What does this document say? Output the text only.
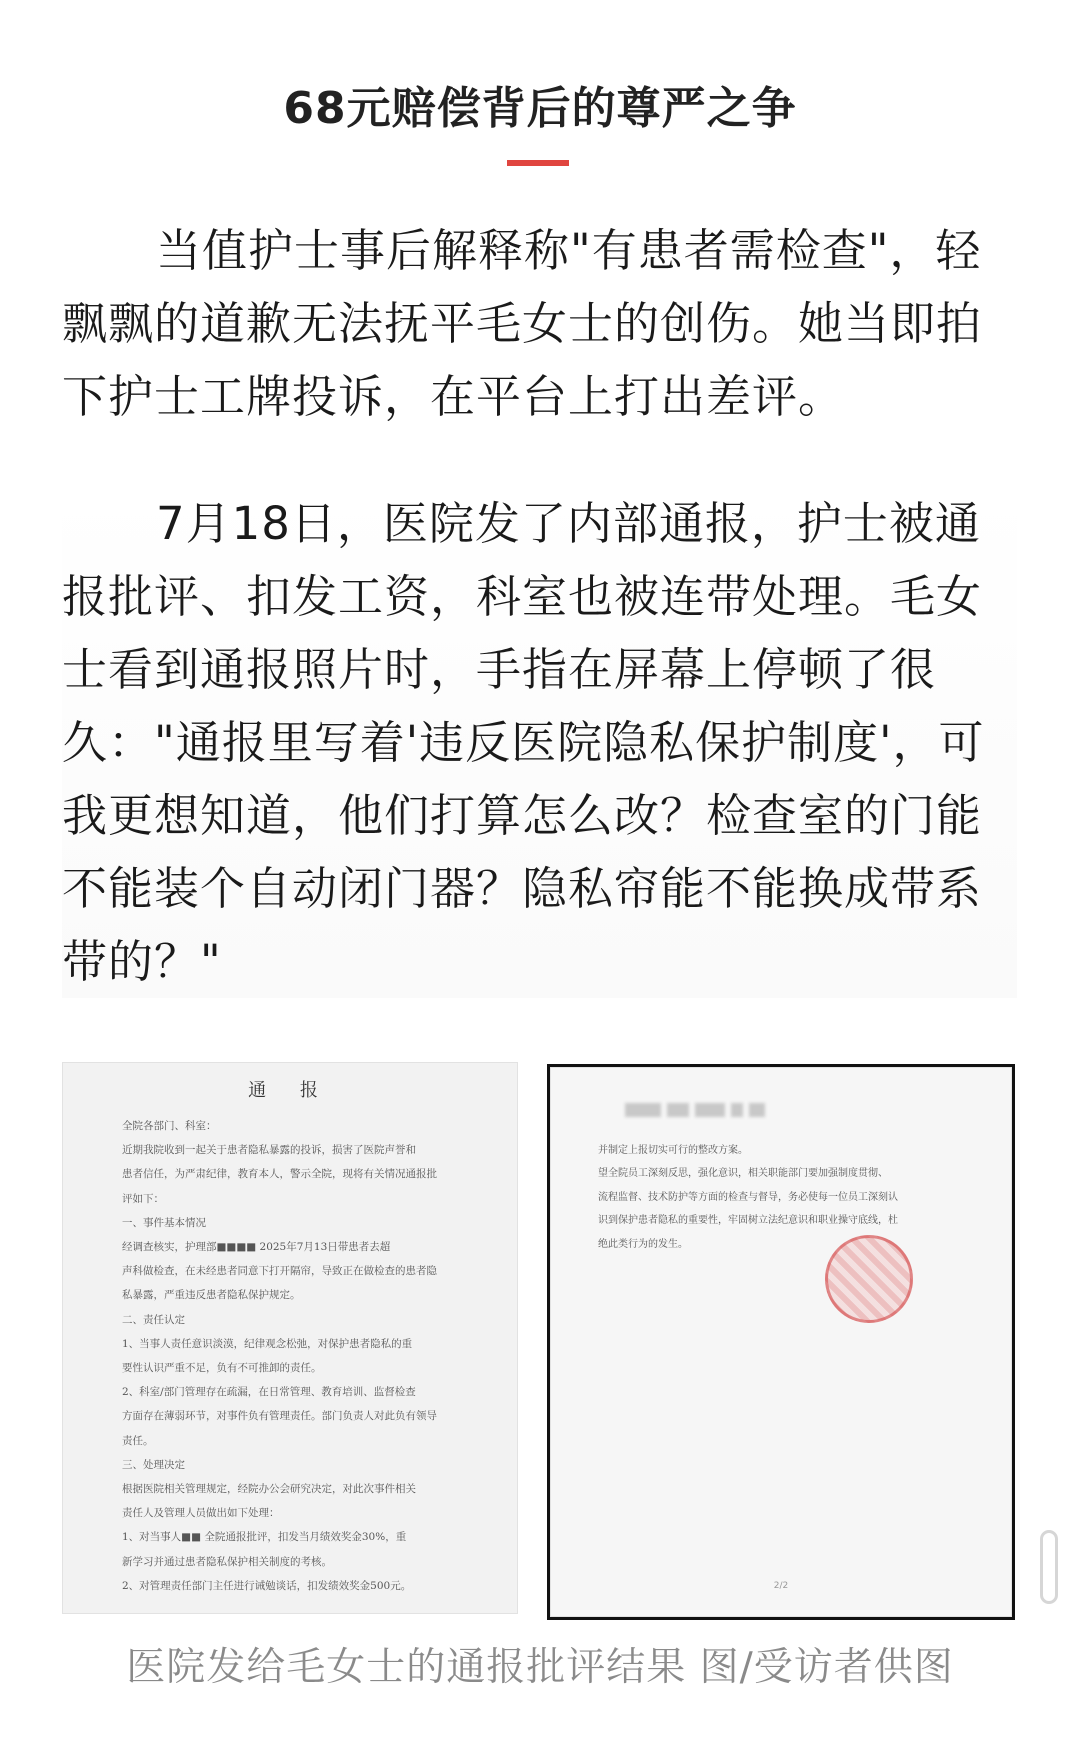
68元赔偿背后的尊严之争
当值护士事后解释称"有患者需检查"，轻飘飘的道歉无法抚平毛女士的创伤。她当即拍下护士工牌投诉，在平台上打出差评。
7月18日，医院发了内部通报，护士被通报批评、扣发工资，科室也被连带处理。毛女士看到通报照片时，手指在屏幕上停顿了很久："通报里写着'违反医院隐私保护制度'，可我更想知道，他们打算怎么改？检查室的门能不能装个自动闭门器？隐私帘能不能换成带系带的？"
通 报
全院各部门、科室：
近期我院收到一起关于患者隐私暴露的投诉，损害了医院声誉和
患者信任，为严肃纪律，教育本人，警示全院，现将有关情况通报批
评如下：
一、事件基本情况
经调查核实，护理部■■■■ 2025年7月13日带患者去超
声科做检查，在未经患者同意下打开隔帘，导致正在做检查的患者隐
私暴露，严重违反患者隐私保护规定。
二、责任认定
1、当事人责任意识淡漠，纪律观念松弛，对保护患者隐私的重
要性认识严重不足，负有不可推卸的责任。
2、科室/部门管理存在疏漏，在日常管理、教育培训、监督检查
方面存在薄弱环节，对事件负有管理责任。部门负责人对此负有领导
责任。
三、处理决定
根据医院相关管理规定，经院办公会研究决定，对此次事件相关
责任人及管理人员做出如下处理：
1、对当事人■■ 全院通报批评，扣发当月绩效奖金30%，重
新学习并通过患者隐私保护相关制度的考核。
2、对管理责任部门主任进行诫勉谈话，扣发绩效奖金500元。
并制定上报切实可行的整改方案。
望全院员工深刻反思，强化意识，相关职能部门要加强制度贯彻、
流程监督、技术防护等方面的检查与督导，务必使每一位员工深刻认
识到保护患者隐私的重要性，牢固树立法纪意识和职业操守底线，杜
绝此类行为的发生。
2/2
医院发给毛女士的通报批评结果 图/受访者供图
